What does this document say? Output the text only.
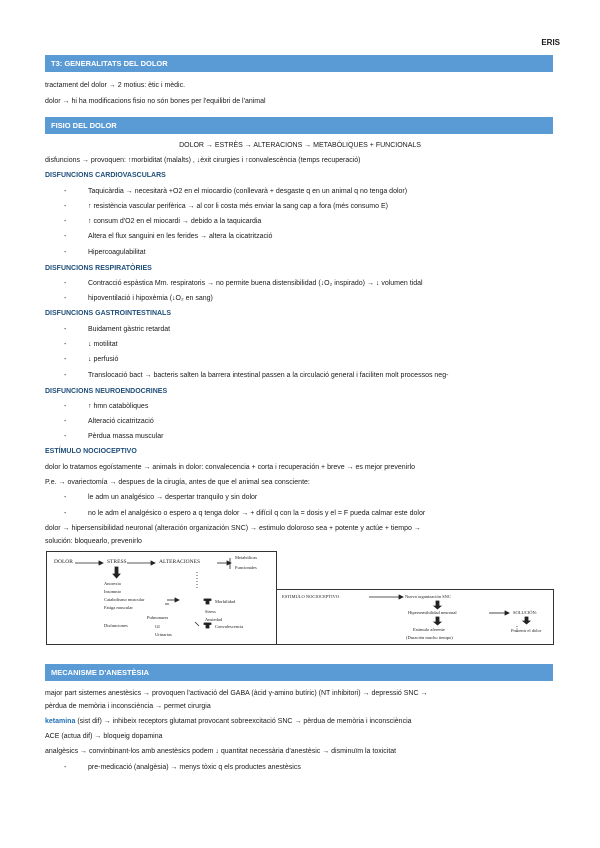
ERIS
T3: GENERALITATS DEL DOLOR
tractament del dolor → 2 motius: ètic i mèdic.
dolor → hi ha modificacions fisio no són bones per l'equilibri de l'animal
FISIO DEL DOLOR
DOLOR → ESTRÈS → ALTERACIONS → METABÒLIQUES + FUNCIONALS
disfuncions → provoquen: ↑morbiditat (malalts) , ↓èxit cirurgies i ↑convalescència (temps recuperació)
DISFUNCIONS CARDIOVASCULARS
- Taquicàrdia → necesitarà +O2 en el miocardio (conllevarà + desgaste q en un animal q no tenga dolor)
- ↑ resistència vascular perifèrica → al cor li costa més enviar la sang cap a fora (més consumo E)
- ↑ consum d'O2 en el miocardi → debido a la taquicardia
- Altera el flux sanguini en les ferides → altera la cicatrització
- Hipercoagulabilitat
DISFUNCIONS RESPIRATÒRIES
- Contracció espàstica Mm. respiratoris → no permite buena distensibilidad (↓O₂ inspirado) → ↓ volumen tidal
- hipoventilació i hipoxèmia (↓O₂ en sang)
DISFUNCIONS GASTROINTESTINALS
- Buidament gàstric retardat
- ↓ motilitat
- ↓ perfusió
- Translocació bact → bacteris salten la barrera intestinal passen a la circulació general i faciliten molt processos neg-
DISFUNCIONS NEUROENDOCRINES
- ↑ hmn catabòliques
- Alteració cicatrització
- Pèrdua massa muscular
ESTÍMULO NOCIOCEPTIVO
dolor lo tratamos egoístamente → animals in dolor: convalecencia + corta i recuperación + breve → es mejor prevenirlo
P.e. → ovariectomía → despues de la cirugía, antes de que el animal sea consciente:
- le adm un analgésico → despertar tranquilo y sin dolor
- no le adm el analgésico o espero a q tenga dolor → + difícil q con la = dosis y el = F pueda calmar este dolor
dolor → hipersensibilidad neuronal (alteración organización SNC) → estimulo doloroso sea + potente y actúe + tiempo →
solución: bloquearlo, prevenirlo
DOLOR	STRESS	ALTERACIONES
Metabólicas
Funcionales
Anorexia
Insomnio
Catabolismo muscular
Fatiga muscular
Disfunciones
Pulmonares
GI
Urinarias
Morbilidad
Stress
Ansiedad
Convalescencia
ESTIMULO NOCIOCEPTIVO	Nueva organización SNC
Hipersensibilidad neuronal
Estimulo aferente
(Duración mucho tiempo)
SOLUCIÓN:
Prevenir el dolor
MECANISME D'ANESTÈSIA
major part sistemes anestèsics → provoquen l'activació del GABA (àcid γ-amino butíric) (NT inhibitori) → depressió SNC →
pèrdua de memòria i inconsciència → permet cirurgia
ketamina (sist dif) → inhibeix receptors glutamat provocant sobreexcitació SNC → pèrdua de memòria i inconsciència
ACE (actua dif) → bloqueig dopamina
analgèsics → convinbinant-los amb anestèsics podem ↓ quantitat necessària d'anestèsic → disminuïm la toxicitat
- pre-medicació (analgèsia) → menys tòxic q els productes anestèsics
